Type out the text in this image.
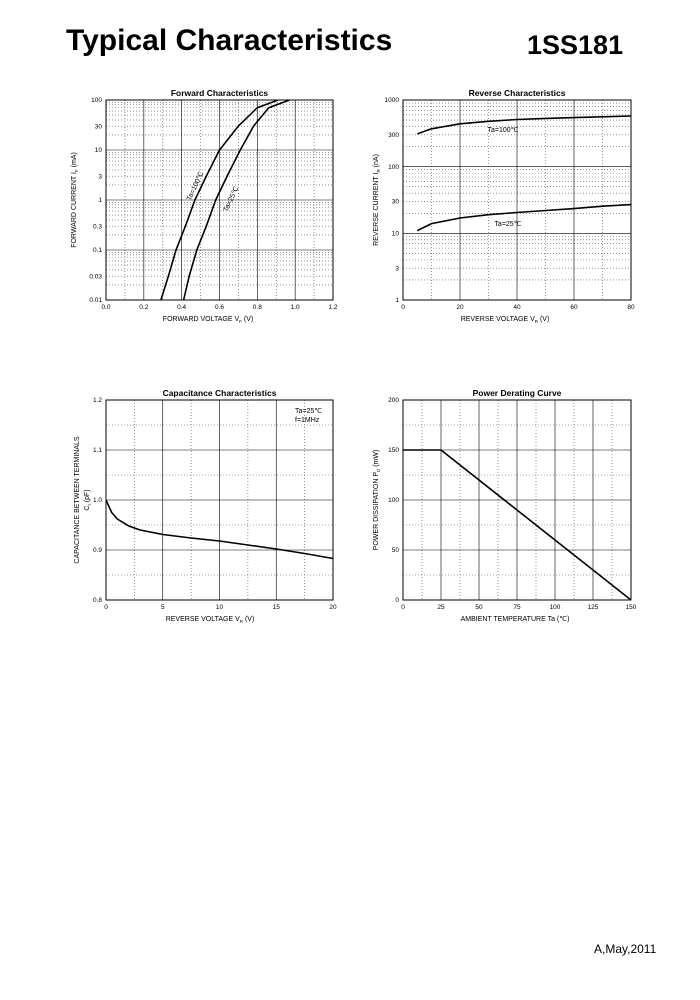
Typical Characteristics	1SS181
0.0	0.2	0.4	0.6	0.8	1.0	1.2
100
30
10
3
1
0.3
0.1
0.03
0.01
Forward Characteristics
FORWARD VOLTAGE $V_F$ (V)
FORWARD CURRENT $I_F$ (mA)
Ta=100℃ Ta=25℃
0	20	40	60	80
1000
300
100
30
10
3
1
Reverse Characteristics
REVERSE VOLTAGE $V_R$ (V)
REVERSE CURRENT $I_R$ (nA)
Ta=100℃
Ta=25℃
0	5	10	15	20
1.2
1.1
1.0
0.9
0.8
Capacitance Characteristics
REVERSE VOLTAGE $V_R$ (V)
CAPACITANCE BETWEEN TERMINALS $C_t$ (pF)
Ta=25℃
f=1MHz
0	25	50	75	100	125	150
200
150
100
50
0
Power Derating Curve
AMBIENT TEMPERATURE Ta (℃)
POWER DISSIPATION $P_D$ (mW)
A,May,2011
